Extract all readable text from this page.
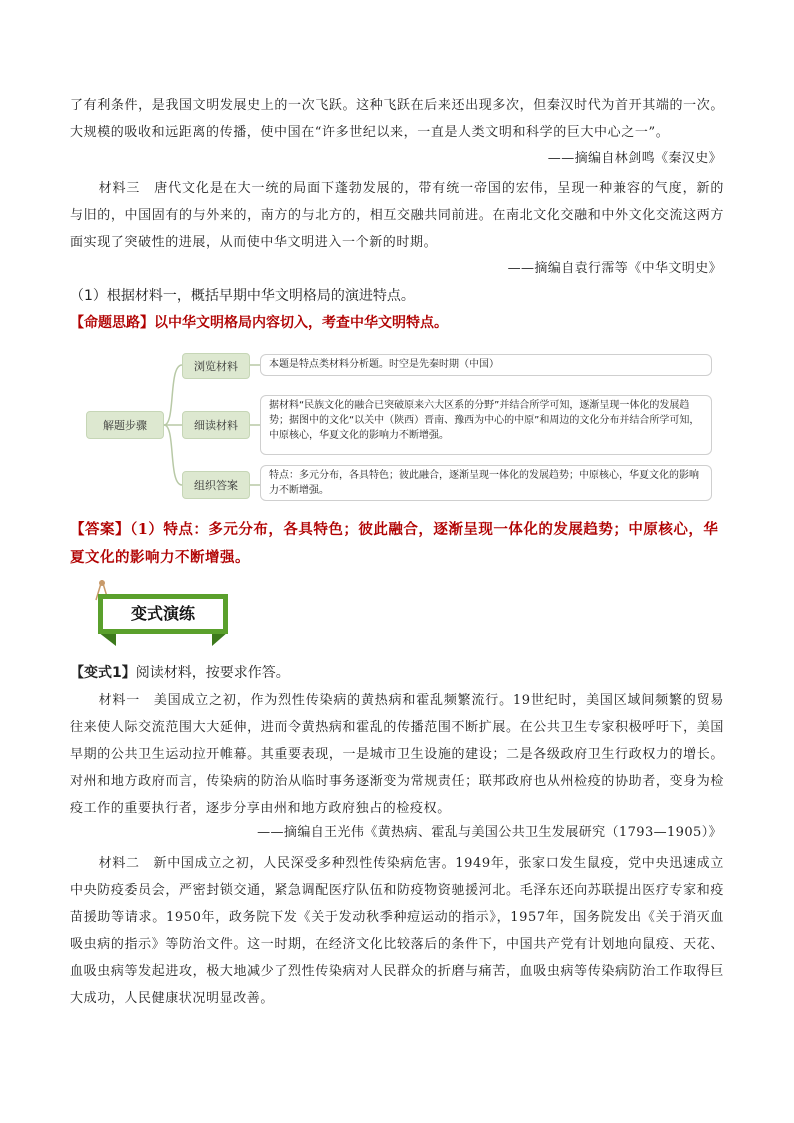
了有利条件，是我国文明发展史上的一次飞跃。这种飞跃在后来还出现多次，但秦汉时代为首开其端的一次。大规模的吸收和远距离的传播，使中国在“许多世纪以来，一直是人类文明和科学的巨大中心之一”。
——摘编自林剑鸣《秦汉史》
材料三　唐代文化是在大一统的局面下蓬勃发展的，带有统一帝国的宏伟，呈现一种兼容的气度，新的与旧的，中国固有的与外来的，南方的与北方的，相互交融共同前进。在南北文化交融和中外文化交流这两方面实现了突破性的进展，从而使中华文明进入一个新的时期。
——摘编自袁行霈等《中华文明史》
（1）根据材料一，概括早期中华文明格局的演进特点。
【命题思路】以中华文明格局内容切入，考查中华文明特点。
解题步骤
浏览材料
细读材料
组织答案
本题是特点类材料分析题。时空是先秦时期（中国）
据材料“民族文化的融合已突破原来六大区系的分野”并结合所学可知，逐渐呈现一体化的发展趋势；据图中的文化“以关中（陕西）晋南、豫西为中心的中原”和周边的文化分布并结合所学可知，中原核心，华夏文化的影响力不断增强。
特点：多元分布，各具特色；彼此融合，逐渐呈现一体化的发展趋势；中原核心，华夏文化的影响力不断增强。
【答案】（1）特点：多元分布，各具特色；彼此融合，逐渐呈现一体化的发展趋势；中原核心，华夏文化的影响力不断增强。
变式演练
【变式1】阅读材料，按要求作答。
材料一　美国成立之初，作为烈性传染病的黄热病和霍乱频繁流行。19世纪时，美国区域间频繁的贸易往来使人际交流范围大大延伸，进而令黄热病和霍乱的传播范围不断扩展。在公共卫生专家积极呼吁下，美国早期的公共卫生运动拉开帷幕。其重要表现，一是城市卫生设施的建设；二是各级政府卫生行政权力的增长。对州和地方政府而言，传染病的防治从临时事务逐渐变为常规责任；联邦政府也从州检疫的协助者，变身为检疫工作的重要执行者，逐步分享由州和地方政府独占的检疫权。
——摘编自王光伟《黄热病、霍乱与美国公共卫生发展研究（1793—1905）》
材料二　新中国成立之初，人民深受多种烈性传染病危害。1949年，张家口发生鼠疫，党中央迅速成立中央防疫委员会，严密封锁交通，紧急调配医疗队伍和防疫物资驰援河北。毛泽东还向苏联提出医疗专家和疫苗援助等请求。1950年，政务院下发《关于发动秋季种痘运动的指示》，1957年，国务院发出《关于消灭血吸虫病的指示》等防治文件。这一时期，在经济文化比较落后的条件下，中国共产党有计划地向鼠疫、天花、血吸虫病等发起进攻，极大地减少了烈性传染病对人民群众的折磨与痛苦，血吸虫病等传染病防治工作取得巨大成功，人民健康状况明显改善。
